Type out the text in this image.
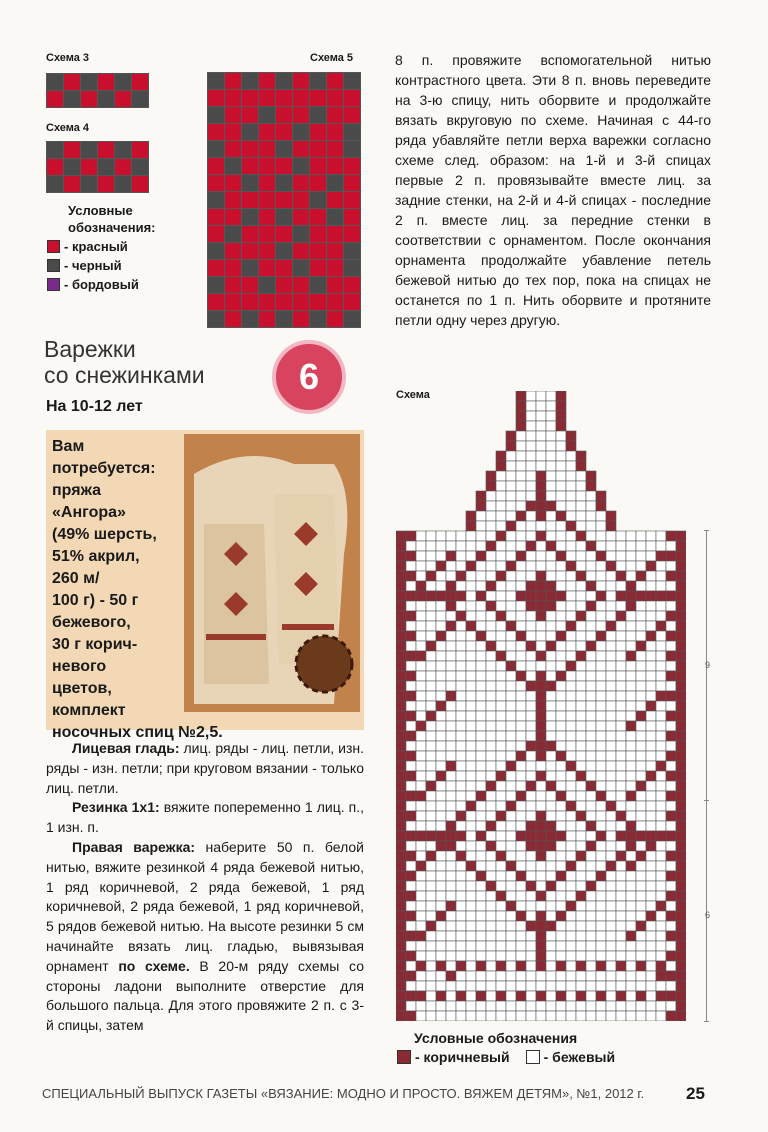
Схема 3
Схема 4
Схема 5
Условные
обозначения:
- красный
- черный
- бордовый
Варежки
со снежинками	6
На 10-12 лет
Вам
потребуется:
пряжа
«Ангора»
(49% шерсть,
51% акрил,
260 м/
100 г) - 50 г
бежевого,
30 г корич-
невого
цветов,
комплект
носочных спиц №2,5.
Лицевая гладь: лиц. ряды - лиц. петли, изн. ряды - изн. петли; при круговом вязании - только лиц. петли.
Резинка 1x1: вяжите попеременно 1 лиц. п., 1 изн. п.
Правая варежка: наберите 50 п. белой нитью, вяжите резинкой 4 ряда бежевой нитью, 1 ряд коричневой, 2 ряда бежевой, 1 ряд коричневой, 2 ряда бежевой, 1 ряд коричневой, 5 рядов бежевой нитью. На высоте резинки 5 см начинайте вязать лиц. гладью, вывязывая орнамент по схеме. В 20-м ряду схемы со стороны ладони выполните отверстие для большого пальца. Для этого провяжите 2 п. с 3-й спицы, затем
8 п. провяжите вспомогательной нитью контрастного цвета. Эти 8 п. вновь переведите на 3-ю спицу, нить оборвите и продолжайте вязать вкруговую по схеме. Начиная с 44-го ряда убавляйте петли верха варежки согласно схеме след. образом: на 1-й и 3-й спицах первые 2 п. провязывайте вместе лиц. за задние стенки, на 2-й и 4-й спицах - последние 2 п. вместе лиц. за передние стенки в соответствии с орнаментом. После окончания орнамента продолжайте убавление петель бежевой нитью до тех пор, пока на спицах не останется по 1 п. Нить оборвите и протяните петли одну через другую.
Схема
9
6
Условные обозначения
- коричневый - бежевый
СПЕЦИАЛЬНЫЙ ВЫПУСК ГАЗЕТЫ «ВЯЗАНИЕ: МОДНО И ПРОСТО. ВЯЖЕМ ДЕТЯМ», №1, 2012 г. 25
